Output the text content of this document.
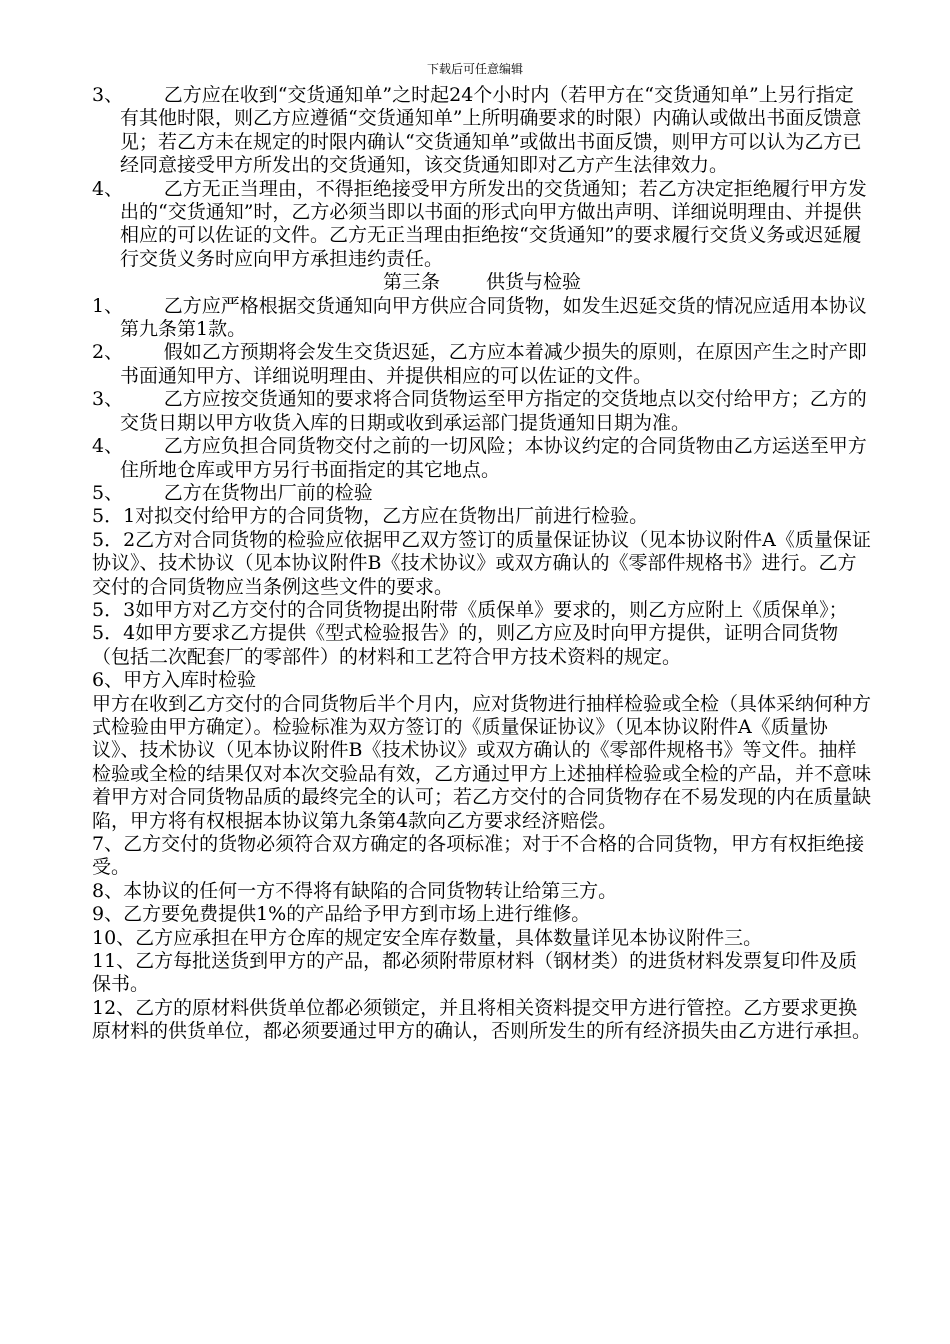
下载后可任意编辑
3、	乙方应在收到“交货通知单”之时起24个小时内（若甲方在“交货通知单”上另行指定有其他时限，则乙方应遵循“交货通知单”上所明确要求的时限）内确认或做出书面反馈意见；若乙方未在规定的时限内确认“交货通知单”或做出书面反馈，则甲方可以认为乙方已经同意接受甲方所发出的交货通知，该交货通知即对乙方产生法律效力。
4、	乙方无正当理由，不得拒绝接受甲方所发出的交货通知；若乙方决定拒绝履行甲方发出的“交货通知”时，乙方必须当即以书面的形式向甲方做出声明、详细说明理由、并提供相应的可以佐证的文件。乙方无正当理由拒绝按“交货通知”的要求履行交货义务或迟延履行交货义务时应向甲方承担违约责任。
第三条 供货与检验
1、	乙方应严格根据交货通知向甲方供应合同货物，如发生迟延交货的情况应适用本协议第九条第1款。
2、	假如乙方预期将会发生交货迟延，乙方应本着减少损失的原则，在原因产生之时产即书面通知甲方、详细说明理由、并提供相应的可以佐证的文件。
3、	乙方应按交货通知的要求将合同货物运至甲方指定的交货地点以交付给甲方；乙方的交货日期以甲方收货入库的日期或收到承运部门提货通知日期为准。
4、	乙方应负担合同货物交付之前的一切风险；本协议约定的合同货物由乙方运送至甲方住所地仓库或甲方另行书面指定的其它地点。
5、	乙方在货物出厂前的检验
5．1对拟交付给甲方的合同货物，乙方应在货物出厂前进行检验。
5．2乙方对合同货物的检验应依据甲乙双方签订的质量保证协议（见本协议附件A《质量保证协议》、技术协议（见本协议附件B《技术协议》或双方确认的《零部件规格书》进行。乙方交付的合同货物应当条例这些文件的要求。
5．3如甲方对乙方交付的合同货物提出附带《质保单》要求的，则乙方应附上《质保单》；
5．4如甲方要求乙方提供《型式检验报告》的，则乙方应及时向甲方提供，证明合同货物（包括二次配套厂的零部件）的材料和工艺符合甲方技术资料的规定。
6、甲方入库时检验
甲方在收到乙方交付的合同货物后半个月内，应对货物进行抽样检验或全检（具体采纳何种方式检验由甲方确定）。检验标准为双方签订的《质量保证协议》（见本协议附件A《质量协议》、技术协议（见本协议附件B《技术协议》或双方确认的《零部件规格书》等文件。抽样检验或全检的结果仅对本次交验品有效，乙方通过甲方上述抽样检验或全检的产品，并不意味着甲方对合同货物品质的最终完全的认可；若乙方交付的合同货物存在不易发现的内在质量缺陷，甲方将有权根据本协议第九条第4款向乙方要求经济赔偿。
7、乙方交付的货物必须符合双方确定的各项标准；对于不合格的合同货物，甲方有权拒绝接受。
8、本协议的任何一方不得将有缺陷的合同货物转让给第三方。
9、乙方要免费提供1%的产品给予甲方到市场上进行维修。
10、乙方应承担在甲方仓库的规定安全库存数量，具体数量详见本协议附件三。
11、乙方每批送货到甲方的产品，都必须附带原材料（钢材类）的进货材料发票复印件及质保书。
12、乙方的原材料供货单位都必须锁定，并且将相关资料提交甲方进行管控。乙方要求更换原材料的供货单位，都必须要通过甲方的确认，否则所发生的所有经济损失由乙方进行承担。
